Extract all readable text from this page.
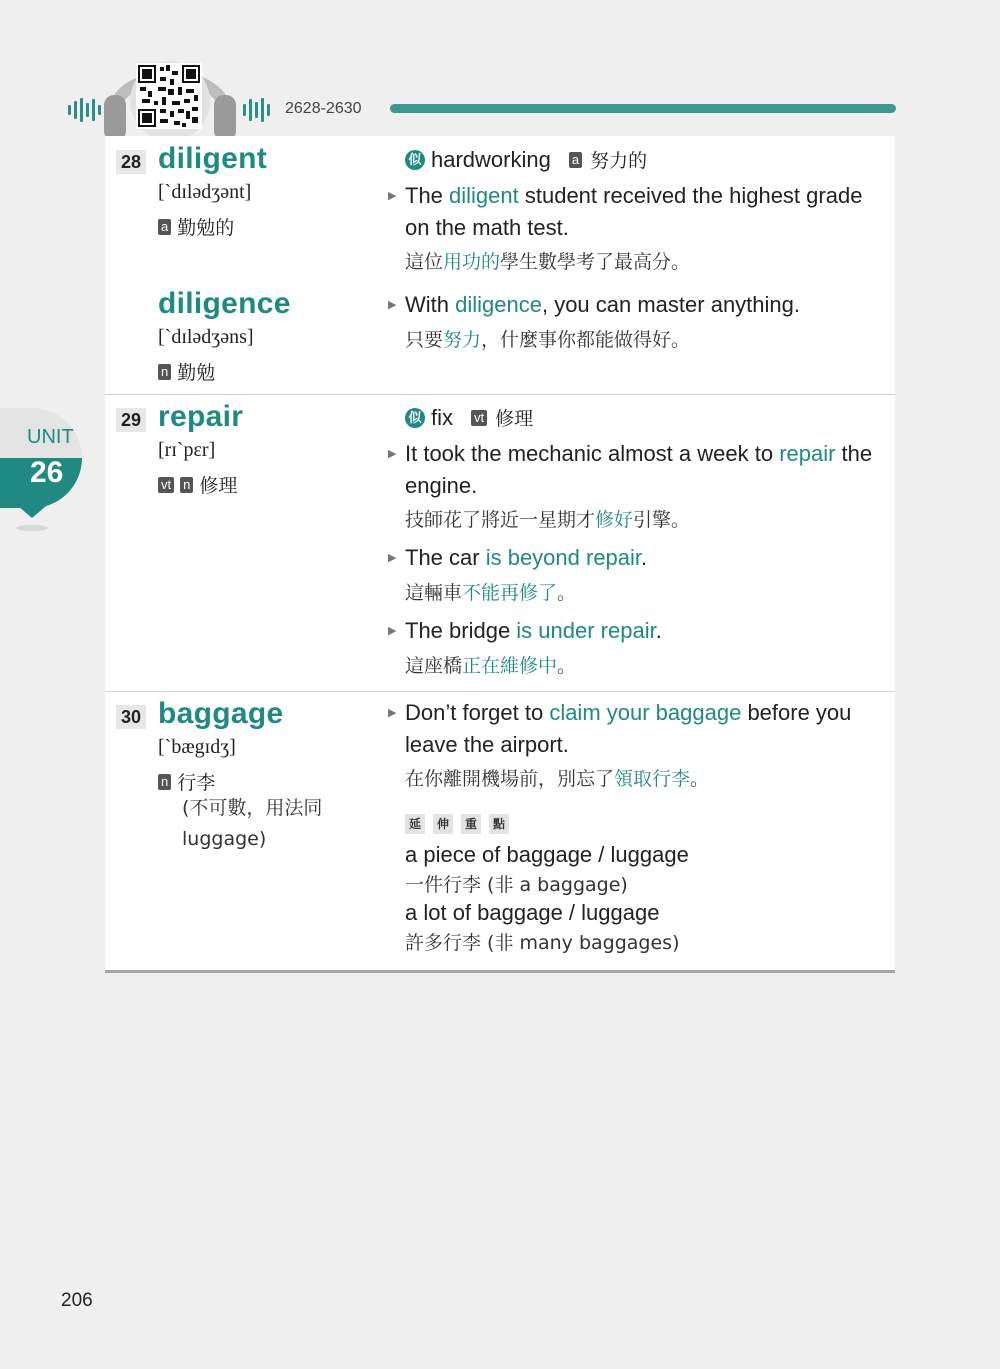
2628-2630
UNIT
26
28 diligent
[ˋdɪlədʒənt]
a 勤勉的
似 hardworking a 努力的
▶ The diligent student received the highest grade on the math test.
這位用功的學生數學考了最高分。
diligence
[ˋdɪlədʒəns]
n 勤勉
▶ With diligence, you can master anything.
只要努力，什麼事你都能做得好。
29 repair
[rɪˋpɛr]
vt n 修理
似 fix vt 修理
▶ It took the mechanic almost a week to repair the engine.
技師花了將近一星期才修好引擎。
▶ The car is beyond repair.
這輛車不能再修了。
▶ The bridge is under repair.
這座橋正在維修中。
30 baggage
[ˋbægɪdʒ]
n 行李
(不可數，用法同
luggage)
▶ Don’t forget to claim your baggage before you leave the airport.
在你離開機場前，別忘了領取行李。
延	伸	重	點
a piece of baggage / luggage
一件行李 (非 a baggage)
a lot of baggage / luggage
許多行李 (非 many baggages)
206
